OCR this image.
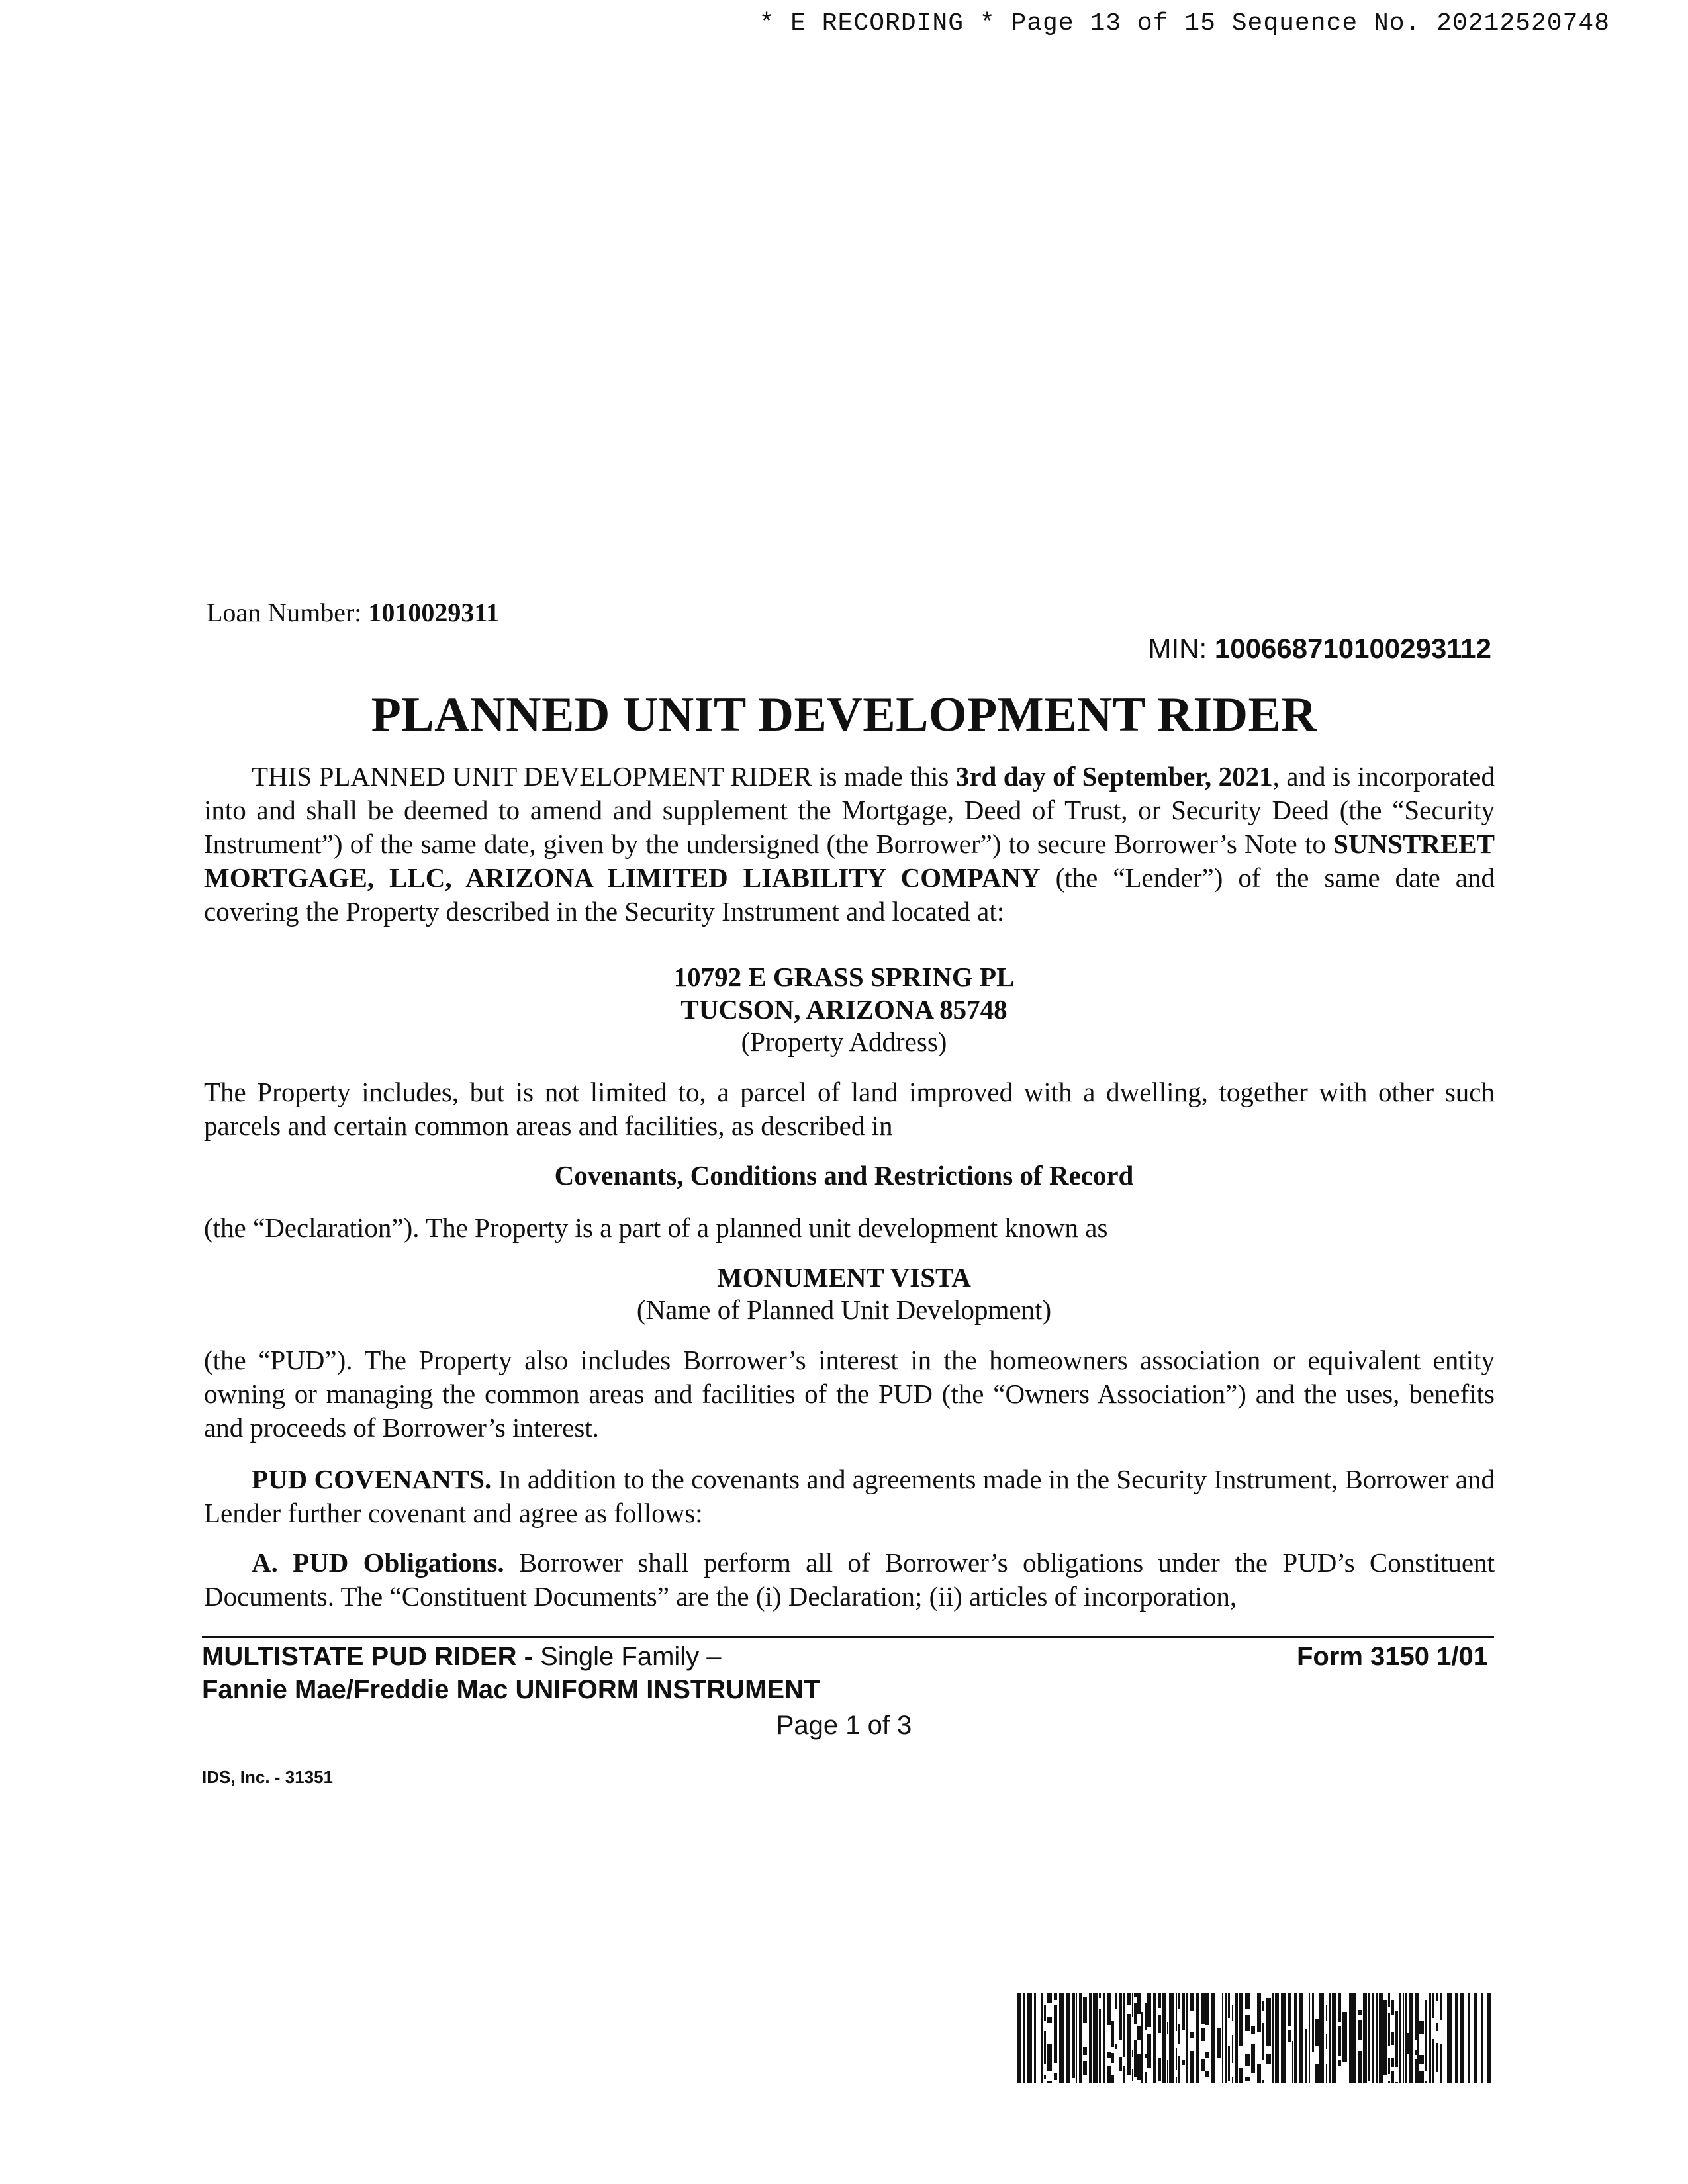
* E RECORDING * Page 13 of 15 Sequence No. 20212520748
Loan Number: 1010029311
MIN: 100668710100293112
PLANNED UNIT DEVELOPMENT RIDER
THIS PLANNED UNIT DEVELOPMENT RIDER is made this 3rd day of September, 2021, and is incorporated into and shall be deemed to amend and supplement the Mortgage, Deed of Trust, or Security Deed (the “Security Instrument”) of the same date, given by the undersigned (the Borrower”) to secure Borrower’s Note to SUNSTREET MORTGAGE, LLC, ARIZONA LIMITED LIABILITY COMPANY (the “Lender”) of the same date and covering the Property described in the Security Instrument and located at:
10792 E GRASS SPRING PL
TUCSON, ARIZONA 85748
(Property Address)
The Property includes, but is not limited to, a parcel of land improved with a dwelling, together with other such parcels and certain common areas and facilities, as described in
Covenants, Conditions and Restrictions of Record
(the “Declaration”). The Property is a part of a planned unit development known as
MONUMENT VISTA
(Name of Planned Unit Development)
(the “PUD”). The Property also includes Borrower’s interest in the homeowners association or equivalent entity owning or managing the common areas and facilities of the PUD (the “Owners Association”) and the uses, benefits and proceeds of Borrower’s interest.
PUD COVENANTS. In addition to the covenants and agreements made in the Security Instrument, Borrower and Lender further covenant and agree as follows:
A. PUD Obligations. Borrower shall perform all of Borrower’s obligations under the PUD’s Constituent Documents. The “Constituent Documents” are the (i) Declaration; (ii) articles of incorporation,
MULTISTATE PUD RIDER - Single Family –
Fannie Mae/Freddie Mac UNIFORM INSTRUMENT
Form 3150 1/01
Page 1 of 3
IDS, Inc. - 31351
